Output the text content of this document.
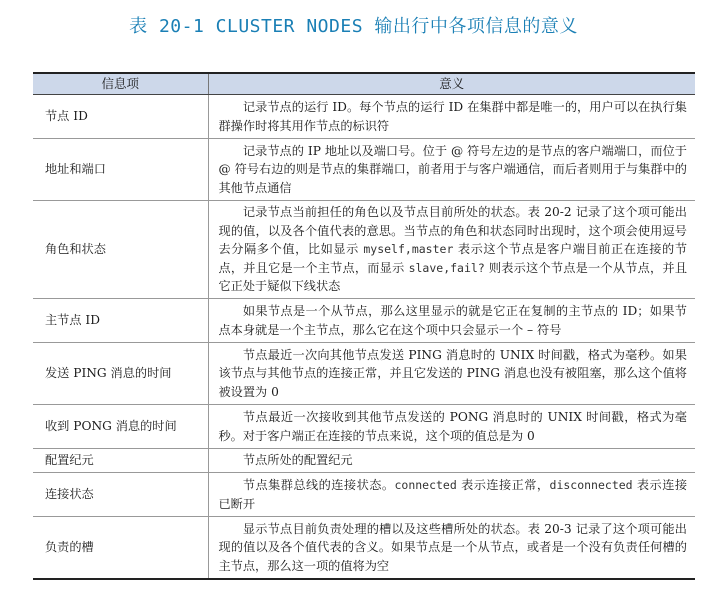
表 20-1 CLUSTER NODES 输出行中各项信息的意义
信息项	意义
节点 ID	记录节点的运行 ID。每个节点的运行 ID 在集群中都是唯一的，用户可以在执行集群操作时将其用作节点的标识符
地址和端口	记录节点的 IP 地址以及端口号。位于 @ 符号左边的是节点的客户端端口，而位于 @ 符号右边的则是节点的集群端口，前者用于与客户端通信，而后者则用于与集群中的其他节点通信
角色和状态	记录节点当前担任的角色以及节点目前所处的状态。表 20-2 记录了这个项可能出现的值，以及各个值代表的意思。当节点的角色和状态同时出现时，这个项会使用逗号去分隔多个值，比如显示 myself,master 表示这个节点是客户端目前正在连接的节点，并且它是一个主节点，而显示 slave,fail? 则表示这个节点是一个从节点，并且它正处于疑似下线状态
主节点 ID	如果节点是一个从节点，那么这里显示的就是它正在复制的主节点的 ID；如果节点本身就是一个主节点，那么它在这个项中只会显示一个 – 符号
发送 PING 消息的时间	节点最近一次向其他节点发送 PING 消息时的 UNIX 时间戳，格式为毫秒。如果该节点与其他节点的连接正常，并且它发送的 PING 消息也没有被阻塞，那么这个值将被设置为 0
收到 PONG 消息的时间	节点最近一次接收到其他节点发送的 PONG 消息时的 UNIX 时间戳，格式为毫秒。对于客户端正在连接的节点来说，这个项的值总是为 0
配置纪元	节点所处的配置纪元
连接状态	节点集群总线的连接状态。connected 表示连接正常，disconnected 表示连接已断开
负责的槽	显示节点目前负责处理的槽以及这些槽所处的状态。表 20-3 记录了这个项可能出现的值以及各个值代表的含义。如果节点是一个从节点，或者是一个没有负责任何槽的主节点，那么这一项的值将为空
